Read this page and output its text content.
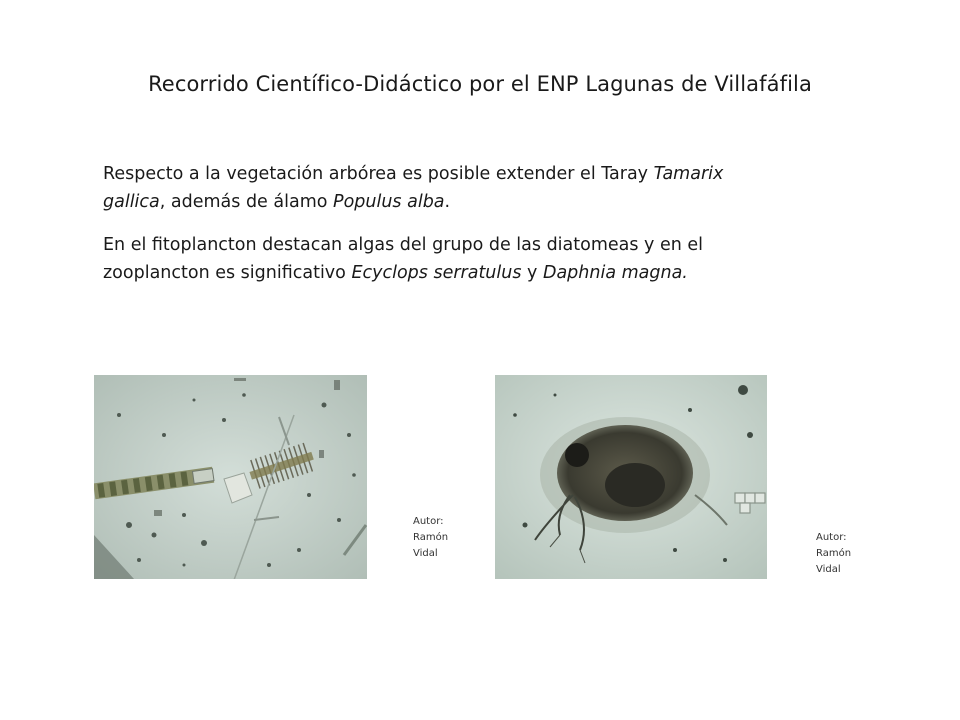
Recorrido Científico-Didáctico por el ENP Lagunas de Villafáfila

Respecto a la vegetación arbórea es posible extender el Taray Tamarix gallica, además de álamo Populus alba.

En el fitoplancton destacan algas del grupo de las diatomeas y en el zooplancton es significativo Ecyclops serratulus y Daphnia magna.

Autor:
Ramón
Vidal
Autor:
Ramón
Vidal
